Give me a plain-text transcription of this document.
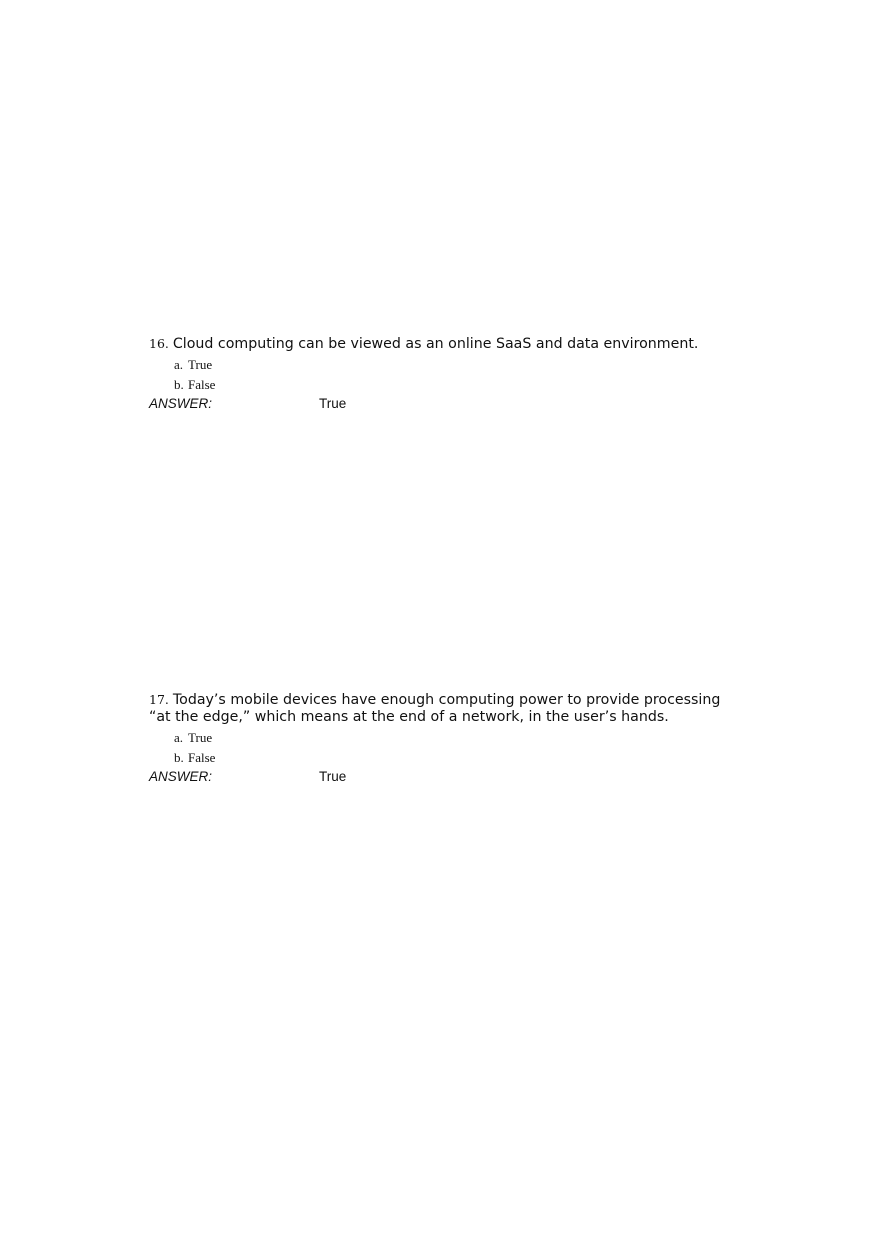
16. Cloud computing can be viewed as an online SaaS and data environment.

a. True
b. False
ANSWER:	True

17. Today’s mobile devices have enough computing power to provide processing “at the edge,” which means at the end of a network, in the user’s hands.

a. True
b. False
ANSWER:	True
